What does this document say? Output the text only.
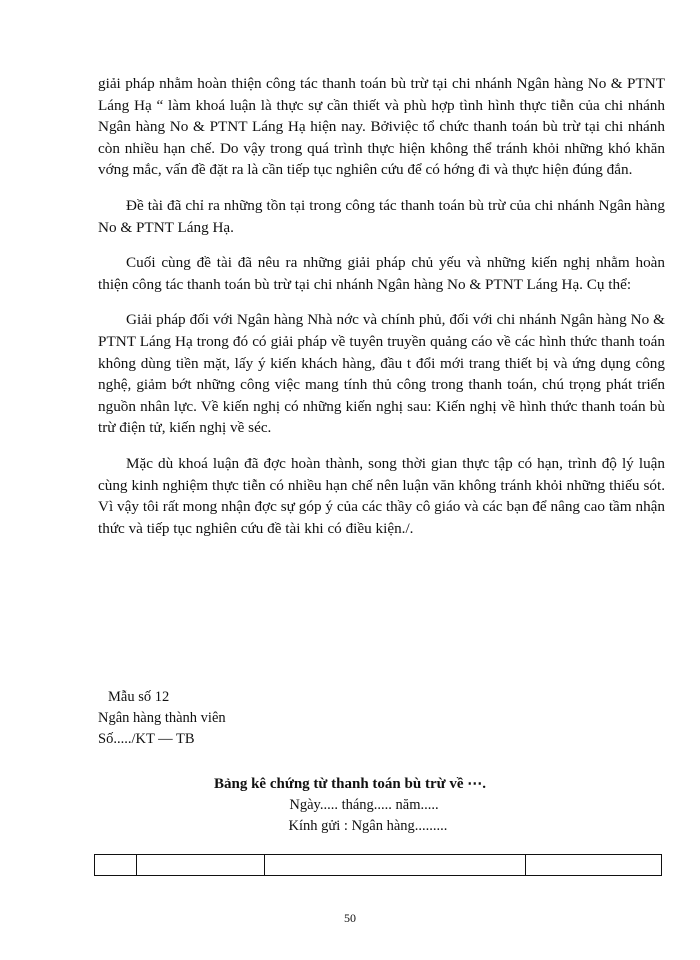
giải pháp nhằm hoàn thiện công tác thanh toán bù trừ tại chi nhánh Ngân hàng No & PTNT Láng Hạ “ làm khoá luận là thực sự cần thiết và phù hợp tình hình thực tiễn của chi nhánh Ngân hàng No & PTNT Láng Hạ hiện nay. Bởiviệc tổ chức thanh toán bù trừ tại chi nhánh còn nhiều hạn chế. Do vậy trong quá trình thực hiện không thể tránh khỏi những khó khăn vớng mắc, vấn đề đặt ra là cần tiếp tục nghiên cứu để có hớng đi và thực hiện đúng đắn.

Đề tài đã chỉ ra những tồn tại trong công tác thanh toán bù trừ của chi nhánh Ngân hàng No & PTNT Láng Hạ.

Cuối cùng đề tài đã nêu ra những giải pháp chủ yếu và những kiến nghị nhằm hoàn thiện công tác thanh toán bù trừ tại chi nhánh Ngân hàng No & PTNT Láng Hạ. Cụ thể:

Giải pháp đối với Ngân hàng Nhà nớc và chính phủ, đối với chi nhánh Ngân hàng No & PTNT Láng Hạ trong đó có giải pháp về tuyên truyền quảng cáo về các hình thức thanh toán không dùng tiền mặt, lấy ý kiến khách hàng, đầu t đổi mới trang thiết bị và ứng dụng công nghệ, giảm bớt những công việc mang tính thủ công trong thanh toán, chú trọng phát triển nguồn nhân lực. Về kiến nghị có những kiến nghị sau: Kiến nghị về hình thức thanh toán bù trừ điện tử, kiến nghị về séc.

Mặc dù khoá luận đã đợc hoàn thành, song thời gian thực tập có hạn, trình độ lý luận cùng kinh nghiệm thực tiễn có nhiều hạn chế nên luận văn không tránh khỏi những thiếu sót. Vì vậy tôi rất mong nhận đợc sự góp ý của các thầy cô giáo và các bạn để nâng cao tầm nhận thức và tiếp tục nghiên cứu đề tài khi có điều kiện./.

Mẫu số 12
Ngân hàng thành viên
Số...../KT — TB
Bảng kê chứng từ thanh toán bù trừ về ⋯.
Ngày..... tháng..... năm.....
Kính gửi : Ngân hàng.........

50
